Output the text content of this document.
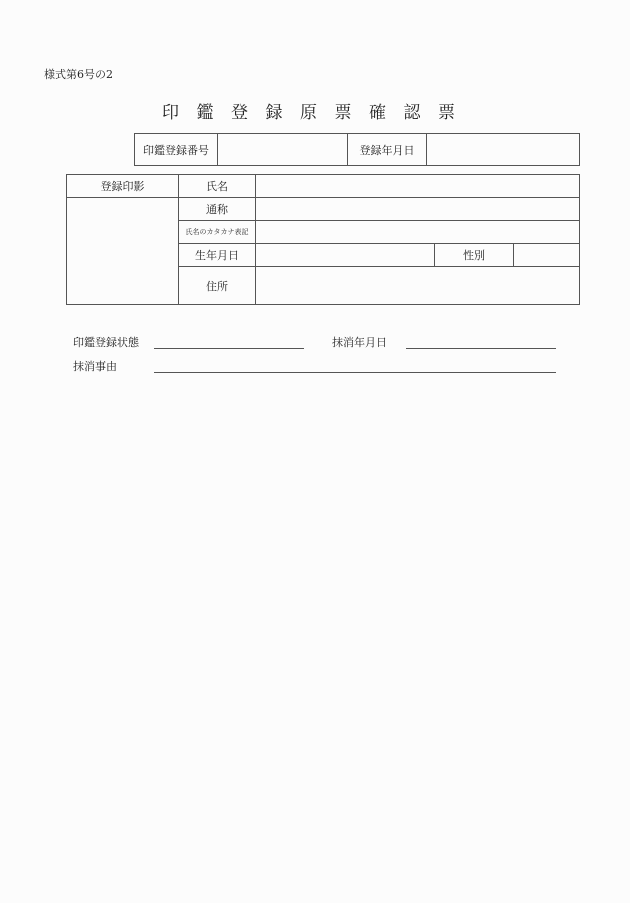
様式第6号の2
印	鑑	登	録	原	票	確	認	票
印鑑登録番号		登録年月日	
登録印影	氏名			
	通称			
	氏名のカタカナ表記			
	生年月日		性別	
	住所			
印鑑登録状態	抹消年月日
抹消事由
